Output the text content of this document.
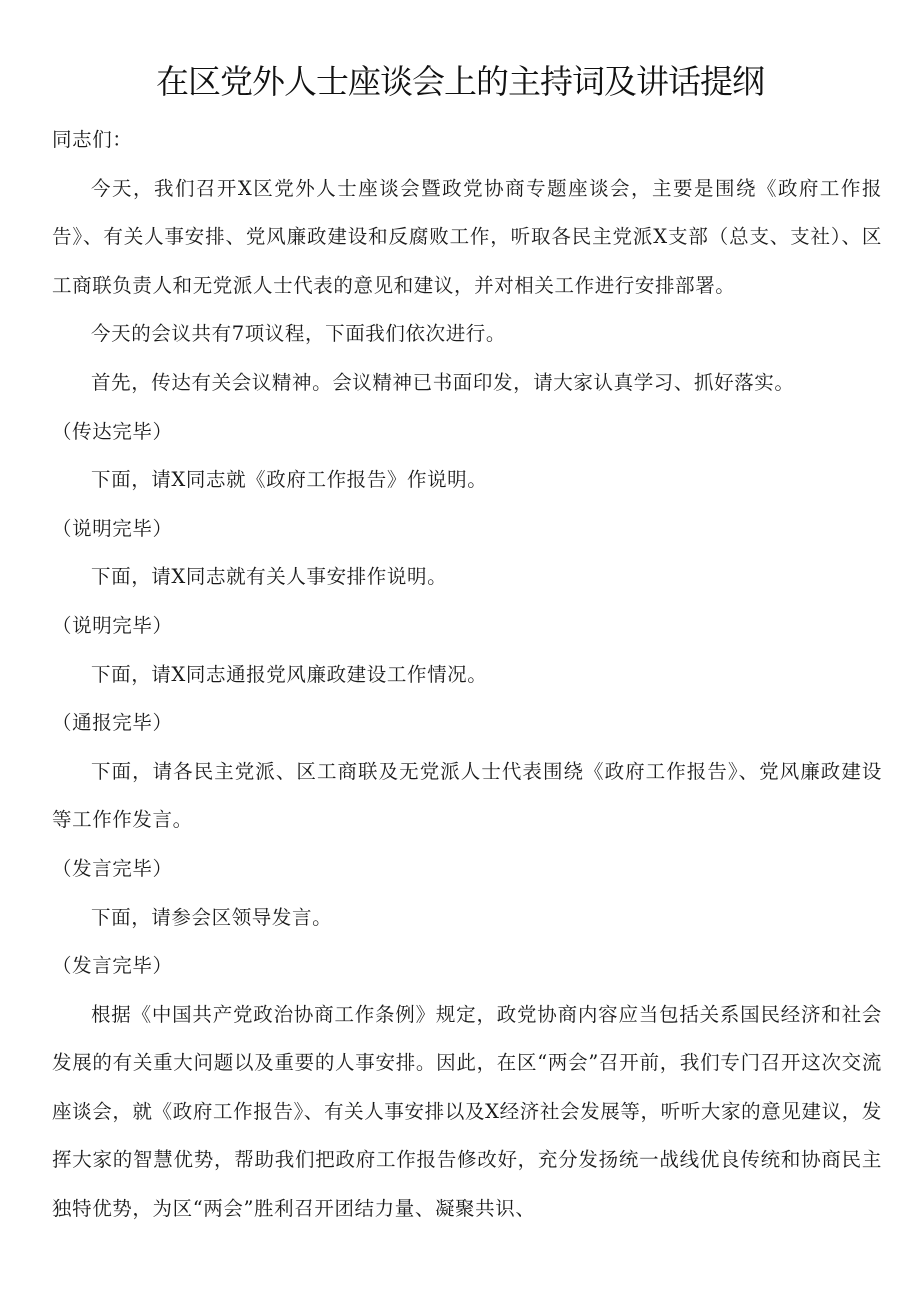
在区党外人士座谈会上的主持词及讲话提纲

同志们：

今天，我们召开X区党外人士座谈会暨政党协商专题座谈会，主要是围绕《政府工作报告》、有关人事安排、党风廉政建设和反腐败工作，听取各民主党派X支部（总支、支社）、区工商联负责人和无党派人士代表的意见和建议，并对相关工作进行安排部署。

今天的会议共有7项议程，下面我们依次进行。

首先，传达有关会议精神。会议精神已书面印发，请大家认真学习、抓好落实。

（传达完毕）

下面，请X同志就《政府工作报告》作说明。

（说明完毕）

下面，请X同志就有关人事安排作说明。

（说明完毕）

下面，请X同志通报党风廉政建设工作情况。

（通报完毕）

下面，请各民主党派、区工商联及无党派人士代表围绕《政府工作报告》、党风廉政建设等工作作发言。

（发言完毕）

下面，请参会区领导发言。

（发言完毕）

根据《中国共产党政治协商工作条例》规定，政党协商内容应当包括关系国民经济和社会发展的有关重大问题以及重要的人事安排。因此，在区“两会”召开前，我们专门召开这次交流座谈会，就《政府工作报告》、有关人事安排以及X经济社会发展等，听听大家的意见建议，发挥大家的智慧优势，帮助我们把政府工作报告修改好，充分发扬统一战线优良传统和协商民主独特优势，为区“两会”胜利召开团结力量、凝聚共识、
